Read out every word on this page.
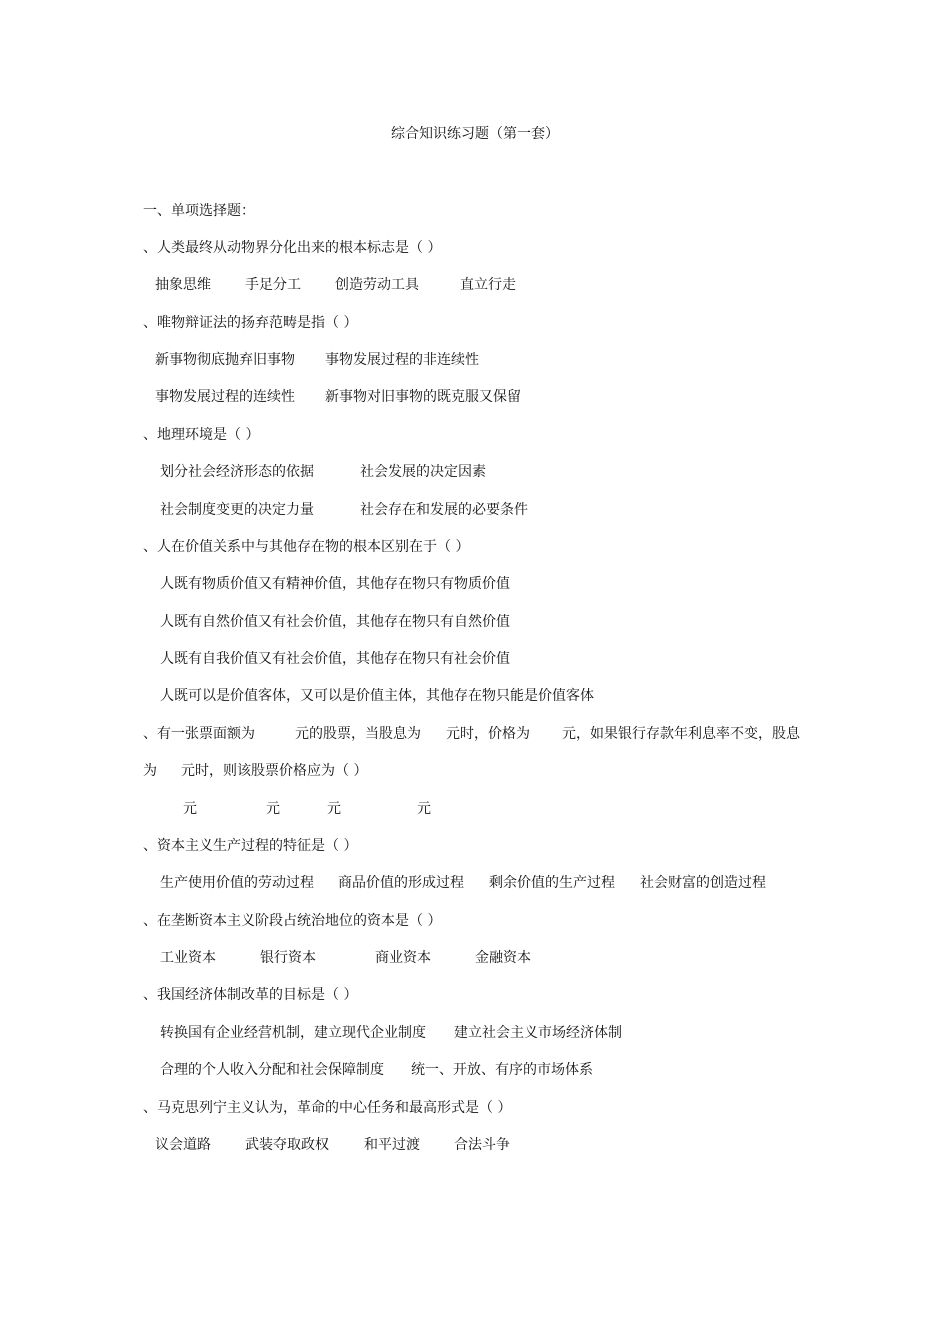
综合知识练习题（第一套）
一、单项选择题：

、人类最终从动物界分化出来的根本标志是（ ）

抽象思维

手足分工

创造劳动工具

	直立行走

、唯物辩证法的扬弃范畴是指（ ）

新事物彻底抛弃旧事物

事物发展过程的非连续性

事物发展过程的连续性

新事物对旧事物的既克服又保留

、地理环境是（ ）

划分社会经济形态的依据

	社会发展的决定因素

社会制度变更的决定力量

	社会存在和发展的必要条件

、人在价值关系中与其他存在物的根本区别在于（ ）

人既有物质价值又有精神价值，其他存在物只有物质价值

人既有自然价值又有社会价值，其他存在物只有自然价值

人既有自我价值又有社会价值，其他存在物只有社会价值

人既可以是价值客体，又可以是价值主体，其他存在物只能是价值客体

、有一张票面额为

	元的股票，当股息为

元时，价格为

元，如果银行存款年利息率不变，股息

为

元时，则该股票价格应为（ ）

元

	元

	元

	元

、资本主义生产过程的特征是（ ）

生产使用价值的劳动过程

商品价值的形成过程

剩余价值的生产过程

社会财富的创造过程

、在垄断资本主义阶段占统治地位的资本是（ ）

工业资本

	银行资本

	商业资本

	金融资本

、我国经济体制改革的目标是（ ）

转换国有企业经营机制，建立现代企业制度

建立社会主义市场经济体制

合理的个人收入分配和社会保障制度

统一、开放、有序的市场体系

、马克思列宁主义认为，革命的中心任务和最高形式是（ ）

议会道路

武装夺取政权

	和平过渡

合法斗争
